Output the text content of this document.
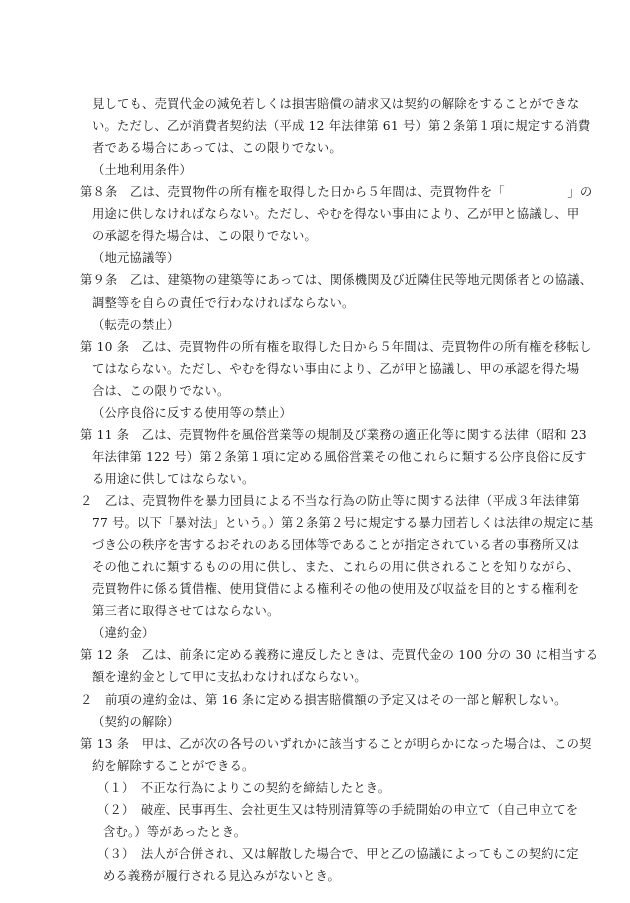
見しても、売買代金の減免若しくは損害賠償の請求又は契約の解除をすることができな
い。ただし、乙が消費者契約法（平成 12 年法律第 61 号）第２条第１項に規定する消費
者である場合にあっては、この限りでない。
（土地利用条件）
第８条　乙は、売買物件の所有権を取得した日から５年間は、売買物件を「　　　　　」の
用途に供しなければならない。ただし、やむを得ない事由により、乙が甲と協議し、甲
の承認を得た場合は、この限りでない。
（地元協議等）
第９条　乙は、建築物の建築等にあっては、関係機関及び近隣住民等地元関係者との協議、
調整等を自らの責任で行わなければならない。
（転売の禁止）
第 10 条　乙は、売買物件の所有権を取得した日から５年間は、売買物件の所有権を移転し
てはならない。ただし、やむを得ない事由により、乙が甲と協議し、甲の承認を得た場
合は、この限りでない。
（公序良俗に反する使用等の禁止）
第 11 条　乙は、売買物件を風俗営業等の規制及び業務の適正化等に関する法律（昭和 23
年法律第 122 号）第２条第１項に定める風俗営業その他これらに類する公序良俗に反す
る用途に供してはならない。
２　乙は、売買物件を暴力団員による不当な行為の防止等に関する法律（平成３年法律第
77 号。以下「暴対法」という。）第２条第２号に規定する暴力団若しくは法律の規定に基
づき公の秩序を害するおそれのある団体等であることが指定されている者の事務所又は
その他これに類するものの用に供し、また、これらの用に供されることを知りながら、
売買物件に係る賃借権、使用貸借による権利その他の使用及び収益を目的とする権利を
第三者に取得させてはならない。
（違約金）
第 12 条　乙は、前条に定める義務に違反したときは、売買代金の 100 分の 30 に相当する
額を違約金として甲に支払わなければならない。
２　前項の違約金は、第 16 条に定める損害賠償額の予定又はその一部と解釈しない。
（契約の解除）
第 13 条　甲は、乙が次の各号のいずれかに該当することが明らかになった場合は、この契
約を解除することができる。
（１）　不正な行為によりこの契約を締結したとき。
（２）　破産、民事再生、会社更生又は特別清算等の手続開始の申立て（自己申立てを
含む。）等があったとき。
（３）　法人が合併され、又は解散した場合で、甲と乙の協議によってもこの契約に定
める義務が履行される見込みがないとき。
